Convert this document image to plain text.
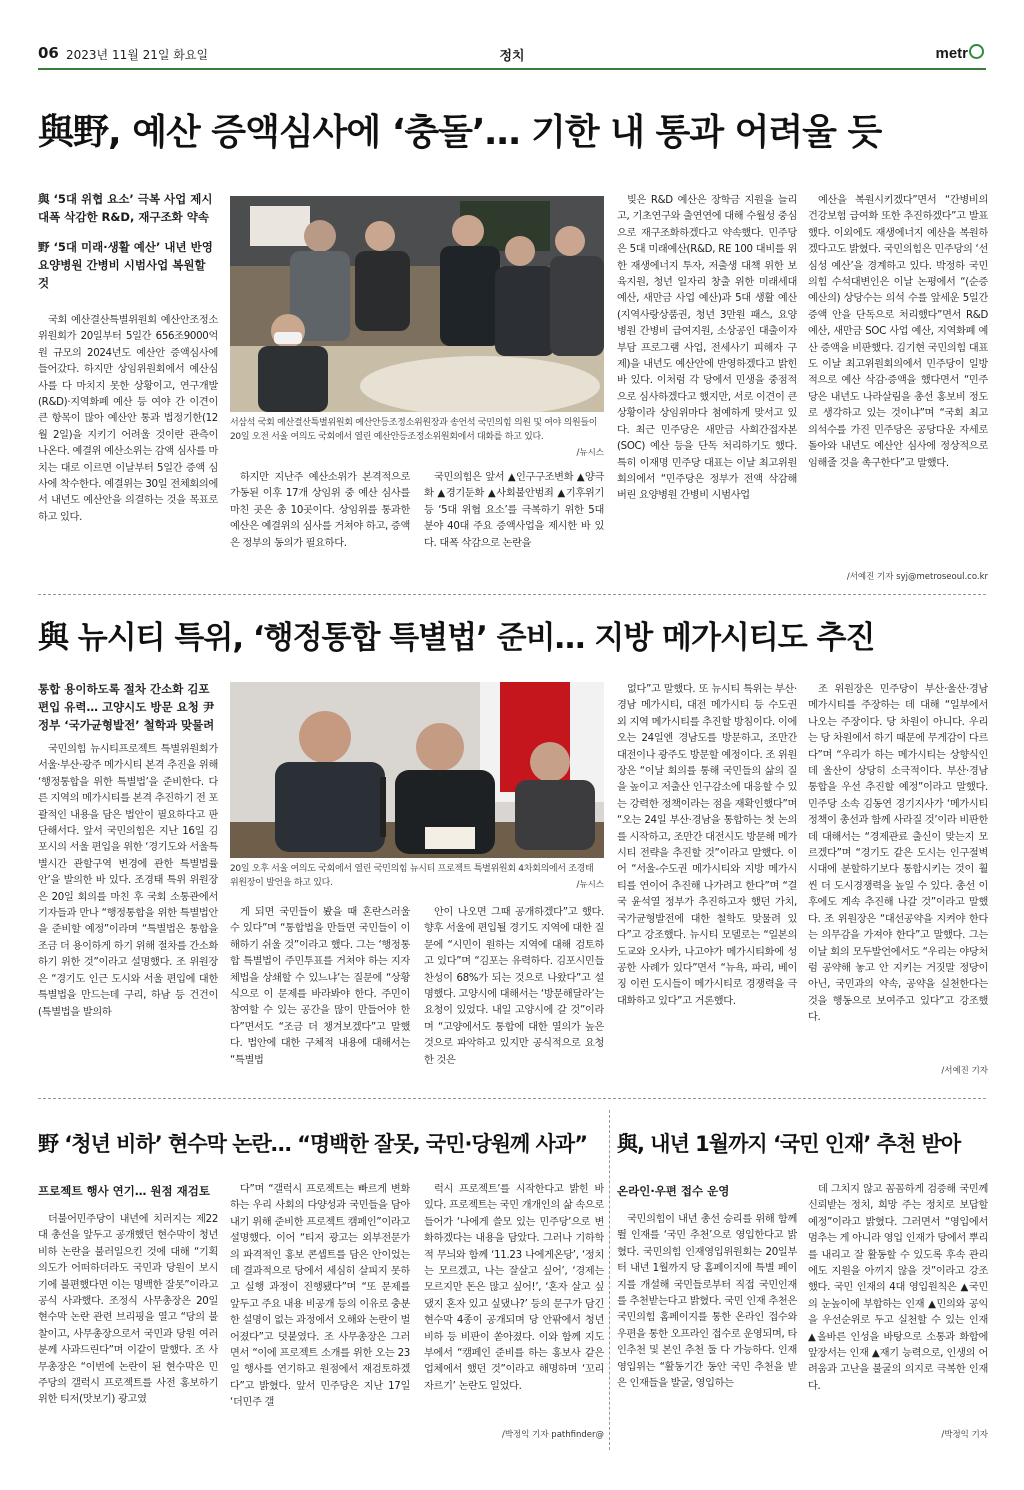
06 2023년 11월 21일 화요일	정치	metr
與野, 예산 증액심사에 ‘충돌’… 기한 내 통과 어려울 듯
與 ‘5대 위협 요소’ 극복 사업 제시 대폭 삭감한 R&D, 재구조화 약속
野 ‘5대 미래·생활 예산’ 내년 반영 요양병원 간병비 시범사업 복원할 것
서삼석 국회 예산결산특별위원회 예산안등조정소위원장과 송언석 국민의힘 의원 및 여야 의원들이 20일 오전 서울 여의도 국회에서 열린 예산안등조정소위원회에서 대화를 하고 있다.
/뉴시스

국회 예산결산특별위원회 예산안조정소위원회가 20일부터 5일간 656조9000억원 규모의 2024년도 예산안 증액심사에 들어갔다. 하지만 상임위원회에서 예산심사를 다 마치지 못한 상황이고, 연구개발(R&D)·지역화폐 예산 등 여야 간 이견이 큰 항목이 많아 예산안 통과 법정기한(12월 2일)을 지키기 어려울 것이란 관측이 나온다. 예결위 예산소위는 감액 심사를 마치는 대로 이르면 이날부터 5일간 증액 심사에 착수한다. 예결위는 30일 전체회의에서 내년도 예산안을 의결하는 것을 목표로 하고 있다.

하지만 지난주 예산소위가 본격적으로 가동된 이후 17개 상임위 중 예산 심사를 마친 곳은 총 10곳이다. 상임위를 통과한 예산은 예결위의 심사를 거쳐야 하고, 증액은 정부의 동의가 필요하다.

국민의힘은 앞서 ▲인구구조변화 ▲양극화 ▲경기둔화 ▲사회불안범죄 ▲기후위기 등 ‘5대 위협 요소’를 극복하기 위한 5대 분야 40대 주요 증액사업을 제시한 바 있다. 대폭 삭감으로 논란을

빚은 R&D 예산은 장학금 지원을 늘리고, 기초연구와 출연연에 대해 수월성 중심으로 재구조화하겠다고 약속했다. 민주당은 5대 미래예산(R&D, RE 100 대비를 위한 재생에너지 투자, 저출생 대책 위한 보육지원, 청년 일자리 창출 위한 미래세대 예산, 새만금 사업 예산)과 5대 생활 예산(지역사랑상품권, 청년 3만원 패스, 요양병원 간병비 급여지원, 소상공인 대출이자 부담 프로그램 사업, 전세사기 피해자 구제)을 내년도 예산안에 반영하겠다고 밝힌 바 있다. 이처럼 각 당에서 민생을 중점적으로 심사하겠다고 했지만, 서로 이견이 큰 상황이라 상임위마다 첨예하게 맞서고 있다. 최근 민주당은 새만금 사회간접자본(SOC) 예산 등을 단독 처리하기도 했다. 특히 이재명 민주당 대표는 이날 최고위원회의에서 “민주당은 정부가 전액 삭감해 버린 요양병원 간병비 시범사업

예산을 복원시키겠다”면서 “간병비의 건강보험 급여화 또한 추진하겠다”고 발표했다. 이외에도 재생에너지 예산을 복원하겠다고도 밝혔다. 국민의힘은 민주당의 ‘선심성 예산’을 경계하고 있다. 박정하 국민의힘 수석대변인은 이날 논평에서 “(순증 예산의) 상당수는 의석 수를 앞세운 5일간 증액 안을 단독으로 처리했다”면서 R&D 예산, 새만금 SOC 사업 예산, 지역화폐 예산 증액을 비판했다. 김기현 국민의힘 대표도 이날 최고위원회의에서 민주당이 일방적으로 예산 삭감·증액을 했다면서 “민주당은 내년도 나라살림을 총선 홍보비 정도로 생각하고 있는 것이냐”며 “국회 최고 의석수를 가진 민주당은 공당다운 자세로 돌아와 내년도 예산안 심사에 정상적으로 임해줄 것을 촉구한다”고 말했다.

/서예진 기자 syj@metroseoul.co.kr
與 뉴시티 특위, ‘행정통합 특별법’ 준비… 지방 메가시티도 추진
통합 용이하도록 절차 간소화 김포 편입 유력… 고양시도 방문 요청 尹 정부 ‘국가균형발전’ 철학과 맞물려
20일 오후 서울 여의도 국회에서 열린 국민의힘 뉴시티 프로젝트 특별위원회 4차회의에서 조경태 위원장이 발언을 하고 있다.	/뉴시스

국민의힘 뉴시티프로젝트 특별위원회가 서울·부산·광주 메가시티 본격 추진을 위해 ‘행정통합을 위한 특별법’을 준비한다. 다른 지역의 메가시티를 본격 추진하기 전 포괄적인 내용을 담은 법안이 필요하다고 판단해서다. 앞서 국민의힘은 지난 16일 김포시의 서울 편입을 위한 ‘경기도와 서울특별시간 관할구역 변경에 관한 특별법률안’을 발의한 바 있다. 조경태 특위 위원장은 20일 회의를 마친 후 국회 소통관에서 기자들과 만나 “행정통합을 위한 특별법안을 준비할 예정”이라며 “특별법은 통합을 조금 더 용이하게 하기 위해 절차를 간소화하기 위한 것”이라고 설명했다. 조 위원장은 “경기도 인근 도시와 서울 편입에 대한 특별법을 만드는데 구리, 하남 등 건건이 (특별법을 발의하

게 되면 국민들이 봤을 때 혼란스러울 수 있다”며 “통합법을 만들면 국민들이 이해하기 쉬울 것”이라고 했다. 그는 ‘행정통합 특별법이 주민투표를 거쳐야 하는 지자체법을 상쇄할 수 있느냐’는 질문에 “상황식으로 이 문제를 바라봐야 한다. 주민이 참여할 수 있는 공간을 많이 만들어야 한다”면서도 “조금 더 챙겨보겠다”고 말했다. 법안에 대한 구체적 내용에 대해서는 “특별법

안이 나오면 그때 공개하겠다”고 했다. 향후 서울에 편입될 경기도 지역에 대한 질문에 “시민이 원하는 지역에 대해 검토하고 있다”며 “김포는 유력하다. 김포시민들 찬성이 68%가 되는 것으로 나왔다”고 설명했다. 고양시에 대해서는 ‘방문해달라’는 요청이 있었다. 내일 고양시에 갈 것”이라며 “고양에서도 통합에 대한 열의가 높은 것으로 파악하고 있지만 공식적으로 요청한 것은

없다”고 말했다. 또 뉴시티 특위는 부산·경남 메가시티, 대전 메가시티 등 수도권 외 지역 메가시티를 추진할 방침이다. 이에 오는 24일엔 경남도를 방문하고, 조만간 대전이나 광주도 방문할 예정이다. 조 위원장은 “이날 회의를 통해 국민들의 삶의 질을 높이고 저출산 인구감소에 대응할 수 있는 강력한 정책이라는 점을 재확인했다”며 “오는 24일 부산·경남을 통합하는 첫 논의를 시작하고, 조만간 대전시도 방문해 메가시티 전략을 추진할 것”이라고 말했다. 이어 “서울-수도권 메가시티와 지방 메가시티를 연이어 추진해 나가려고 한다”며 “결국 윤석열 정부가 추진하고자 했던 가치, 국가균형발전에 대한 철학도 맞물려 있다”고 강조했다. 뉴시티 모델로는 “일본의 도교와 오사카, 나고야가 메가시티화에 성공한 사례가 있다”면서 “뉴욕, 파리, 베이징 이런 도시들이 메가시티로 경쟁력을 극대화하고 있다”고 거론했다.

조 위원장은 민주당이 부산·울산·경남 메가시티를 주장하는 데 대해 “일부에서 나오는 주장이다. 당 차원이 아니다. 우리는 당 차원에서 하기 때문에 무게감이 다르다”며 “우리가 하는 메가시티는 상향식인데 울산이 상당히 소극적이다. 부산·경남 통합을 우선 추진할 예정”이라고 말했다. 민주당 소속 김동연 경기지사가 ‘메가시티 정책이 총선과 함께 사라질 것’이라 비판한 데 대해서는 “경제관료 출신이 맞는지 모르겠다”며 “경기도 같은 도시는 인구절벽 시대에 분할하기보다 통합시키는 것이 훨씬 더 도시경쟁력을 높일 수 있다. 총선 이후에도 계속 추진해 나갈 것”이라고 말했다. 조 위원장은 “대선공약을 지켜야 한다는 의무감을 가져야 한다”고 말했다. 그는 이날 회의 모두발언에서도 “우리는 야당처럼 공약해 놓고 안 지키는 거짓말 정당이 아닌, 국민과의 약속, 공약을 실천한다는 것을 행동으로 보여주고 있다”고 강조했다.

/서예진 기자
野 ‘청년 비하’ 현수막 논란… “명백한 잘못, 국민·당원께 사과”
프로젝트 행사 연기… 원점 재검토

더불어민주당이 내년에 치러지는 제22대 총선을 앞두고 공개했던 현수막이 청년 비하 논란을 불러일으킨 것에 대해 “기획 의도가 어떠하더라도 국민과 당원이 보시기에 불편했다면 이는 명백한 잘못”이라고 공식 사과했다. 조정식 사무총장은 20일 현수막 논란 관련 브리핑을 열고 “당의 불찰이고, 사무총장으로서 국민과 당원 여러분께 사과드린다”며 이같이 말했다. 조 사무총장은 “이번에 논란이 된 현수막은 민주당의 갤럭시 프로젝트를 사전 홍보하기 위한 티저(맛보기) 광고였

다”며 “갤럭시 프로젝트는 빠르게 변화하는 우리 사회의 다양성과 국민들을 담아내기 위해 준비한 프로젝트 캠페인”이라고 설명했다. 이어 “티저 광고는 외부전문가의 파격적인 홍보 콘셉트를 담은 안이었는데 결과적으로 당에서 세심히 살피지 못하고 실행 과정이 진행됐다”며 “또 문제를 앞두고 주요 내용 비공개 등의 이유로 충분한 설명이 없는 과정에서 오해와 논란이 벌어졌다”고 덧붙였다. 조 사무총장은 그러면서 “이에 프로젝트 소개를 위한 오는 23일 행사를 연기하고 원점에서 재검토하겠다”고 밝혔다. 앞서 민주당은 지난 17일 ‘더민주 갤

럭시 프로젝트’를 시작한다고 밝힌 바 있다. 프로젝트는 국민 개개인의 삶 속으로 들어가 ‘나에게 쓸모 있는 민주당’으로 변화하겠다는 내용을 담았다. 그러나 기하학적 무늬와 함께 ‘11.23 나에게온당’, ‘정치는 모르겠고, 나는 잘살고 싶어’, ‘경제는 모르지만 돈은 많고 싶어!’, ‘혼자 살고 싶댔지 혼자 있고 싶댔나?’ 등의 문구가 담긴 현수막 4종이 공개되며 당 안팎에서 청년 비하 등 비판이 쏟아졌다. 이와 함께 지도부에서 “캠페인 준비를 하는 홍보사 같은 업체에서 했던 것”이라고 해명하며 ‘꼬리 자르기’ 논란도 일었다.

/박정익 기자 pathfinder@
與, 내년 1월까지 ‘국민 인재’ 추천 받아
온라인·우편 접수 운영

국민의힘이 내년 총선 승리를 위해 함께 뛸 인재를 ‘국민 추천’으로 영입한다고 밝혔다. 국민의힘 인재영입위원회는 20일부터 내년 1월까지 당 홈페이지에 특별 페이지를 개설해 국민들로부터 직접 국민인재를 추천받는다고 밝혔다. 국민 인재 추천은 국민의힘 홈페이지를 통한 온라인 접수와 우편을 통한 오프라인 접수로 운영되며, 타인추천 및 본인 추천 둘 다 가능하다. 인재영입위는 “활동기간 동안 국민 추천을 받은 인재들을 발굴, 영입하는

데 그치지 않고 꼼꼼하게 검증해 국민께 신뢰받는 정치, 희망 주는 정치로 보답할 예정”이라고 밝혔다. 그러면서 “영입에서 멈추는 게 아니라 영입 인재가 당에서 뿌리를 내리고 잘 활동할 수 있도록 후속 관리에도 지원을 아끼지 않을 것”이라고 강조했다. 국민 인재의 4대 영입원칙은 ▲국민의 눈높이에 부합하는 인재 ▲민의와 공익을 우선순위로 두고 실천할 수 있는 인재 ▲올바른 인성을 바탕으로 소통과 화합에 앞장서는 인재 ▲재기 능력으로, 인생의 어려움과 고난을 불굴의 의지로 극복한 인재다.

/박정익 기자
